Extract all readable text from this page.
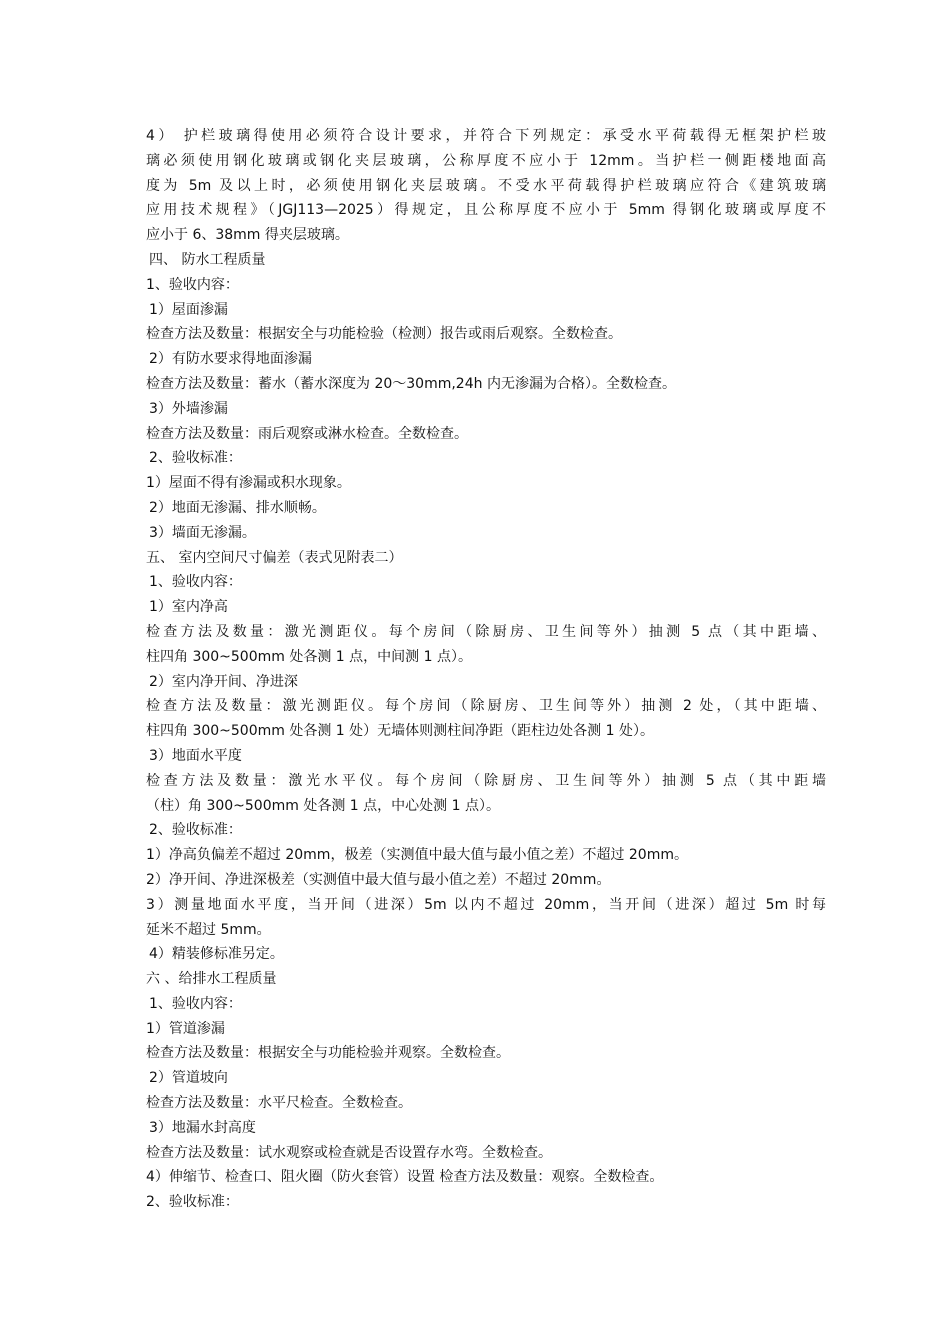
4） 护栏玻璃得使用必须符合设计要求，并符合下列规定：承受水平荷载得无框架护栏玻
璃必须使用钢化玻璃或钢化夹层玻璃，公称厚度不应小于 12mm。当护栏一侧距楼地面高
度为 5m 及以上时，必须使用钢化夹层玻璃。不受水平荷载得护栏玻璃应符合《建筑玻璃
应用技术规程》（JGJ113—2025）得规定，且公称厚度不应小于 5mm 得钢化玻璃或厚度不
应小于 6、38mm 得夹层玻璃。
四、 防水工程质量
1、验收内容：
1）屋面渗漏
检查方法及数量：根据安全与功能检验（检测）报告或雨后观察。全数检查。
2）有防水要求得地面渗漏
检查方法及数量：蓄水（蓄水深度为 20～30mm,24h 内无渗漏为合格）。全数检查。
3）外墙渗漏
检查方法及数量：雨后观察或淋水检查。全数检查。
2、验收标准：
1）屋面不得有渗漏或积水现象。
2）地面无渗漏、排水顺畅。
3）墙面无渗漏。
五、 室内空间尺寸偏差（表式见附表二）
1、验收内容：
1）室内净高
检查方法及数量：激光测距仪。每个房间（除厨房、卫生间等外）抽测 5 点（其中距墙、
柱四角 300~500mm 处各测 1 点，中间测 1 点）。
2）室内净开间、净进深
检查方法及数量：激光测距仪。每个房间（除厨房、卫生间等外）抽测 2 处，（其中距墙、
柱四角 300~500mm 处各测 1 处）无墙体则测柱间净距（距柱边处各测 1 处）。
3）地面水平度
检查方法及数量：激光水平仪。每个房间（除厨房、卫生间等外）抽测 5 点（其中距墙
（柱）角 300~500mm 处各测 1 点，中心处测 1 点）。
2、验收标准：
1）净高负偏差不超过 20mm，极差（实测值中最大值与最小值之差）不超过 20mm。
2）净开间、净进深极差（实测值中最大值与最小值之差）不超过 20mm。
3）测量地面水平度，当开间（进深）5m 以内不超过 20mm，当开间（进深）超过 5m 时每
延米不超过 5mm。
4）精装修标准另定。
六 、给排水工程质量
1、验收内容：
1）管道渗漏
检查方法及数量：根据安全与功能检验并观察。全数检查。
2）管道坡向
检查方法及数量：水平尺检查。全数检查。
3）地漏水封高度
检查方法及数量：试水观察或检查就是否设置存水弯。全数检查。
4）伸缩节、检查口、阻火圈（防火套管）设置 检查方法及数量：观察。全数检查。
2、验收标准：
